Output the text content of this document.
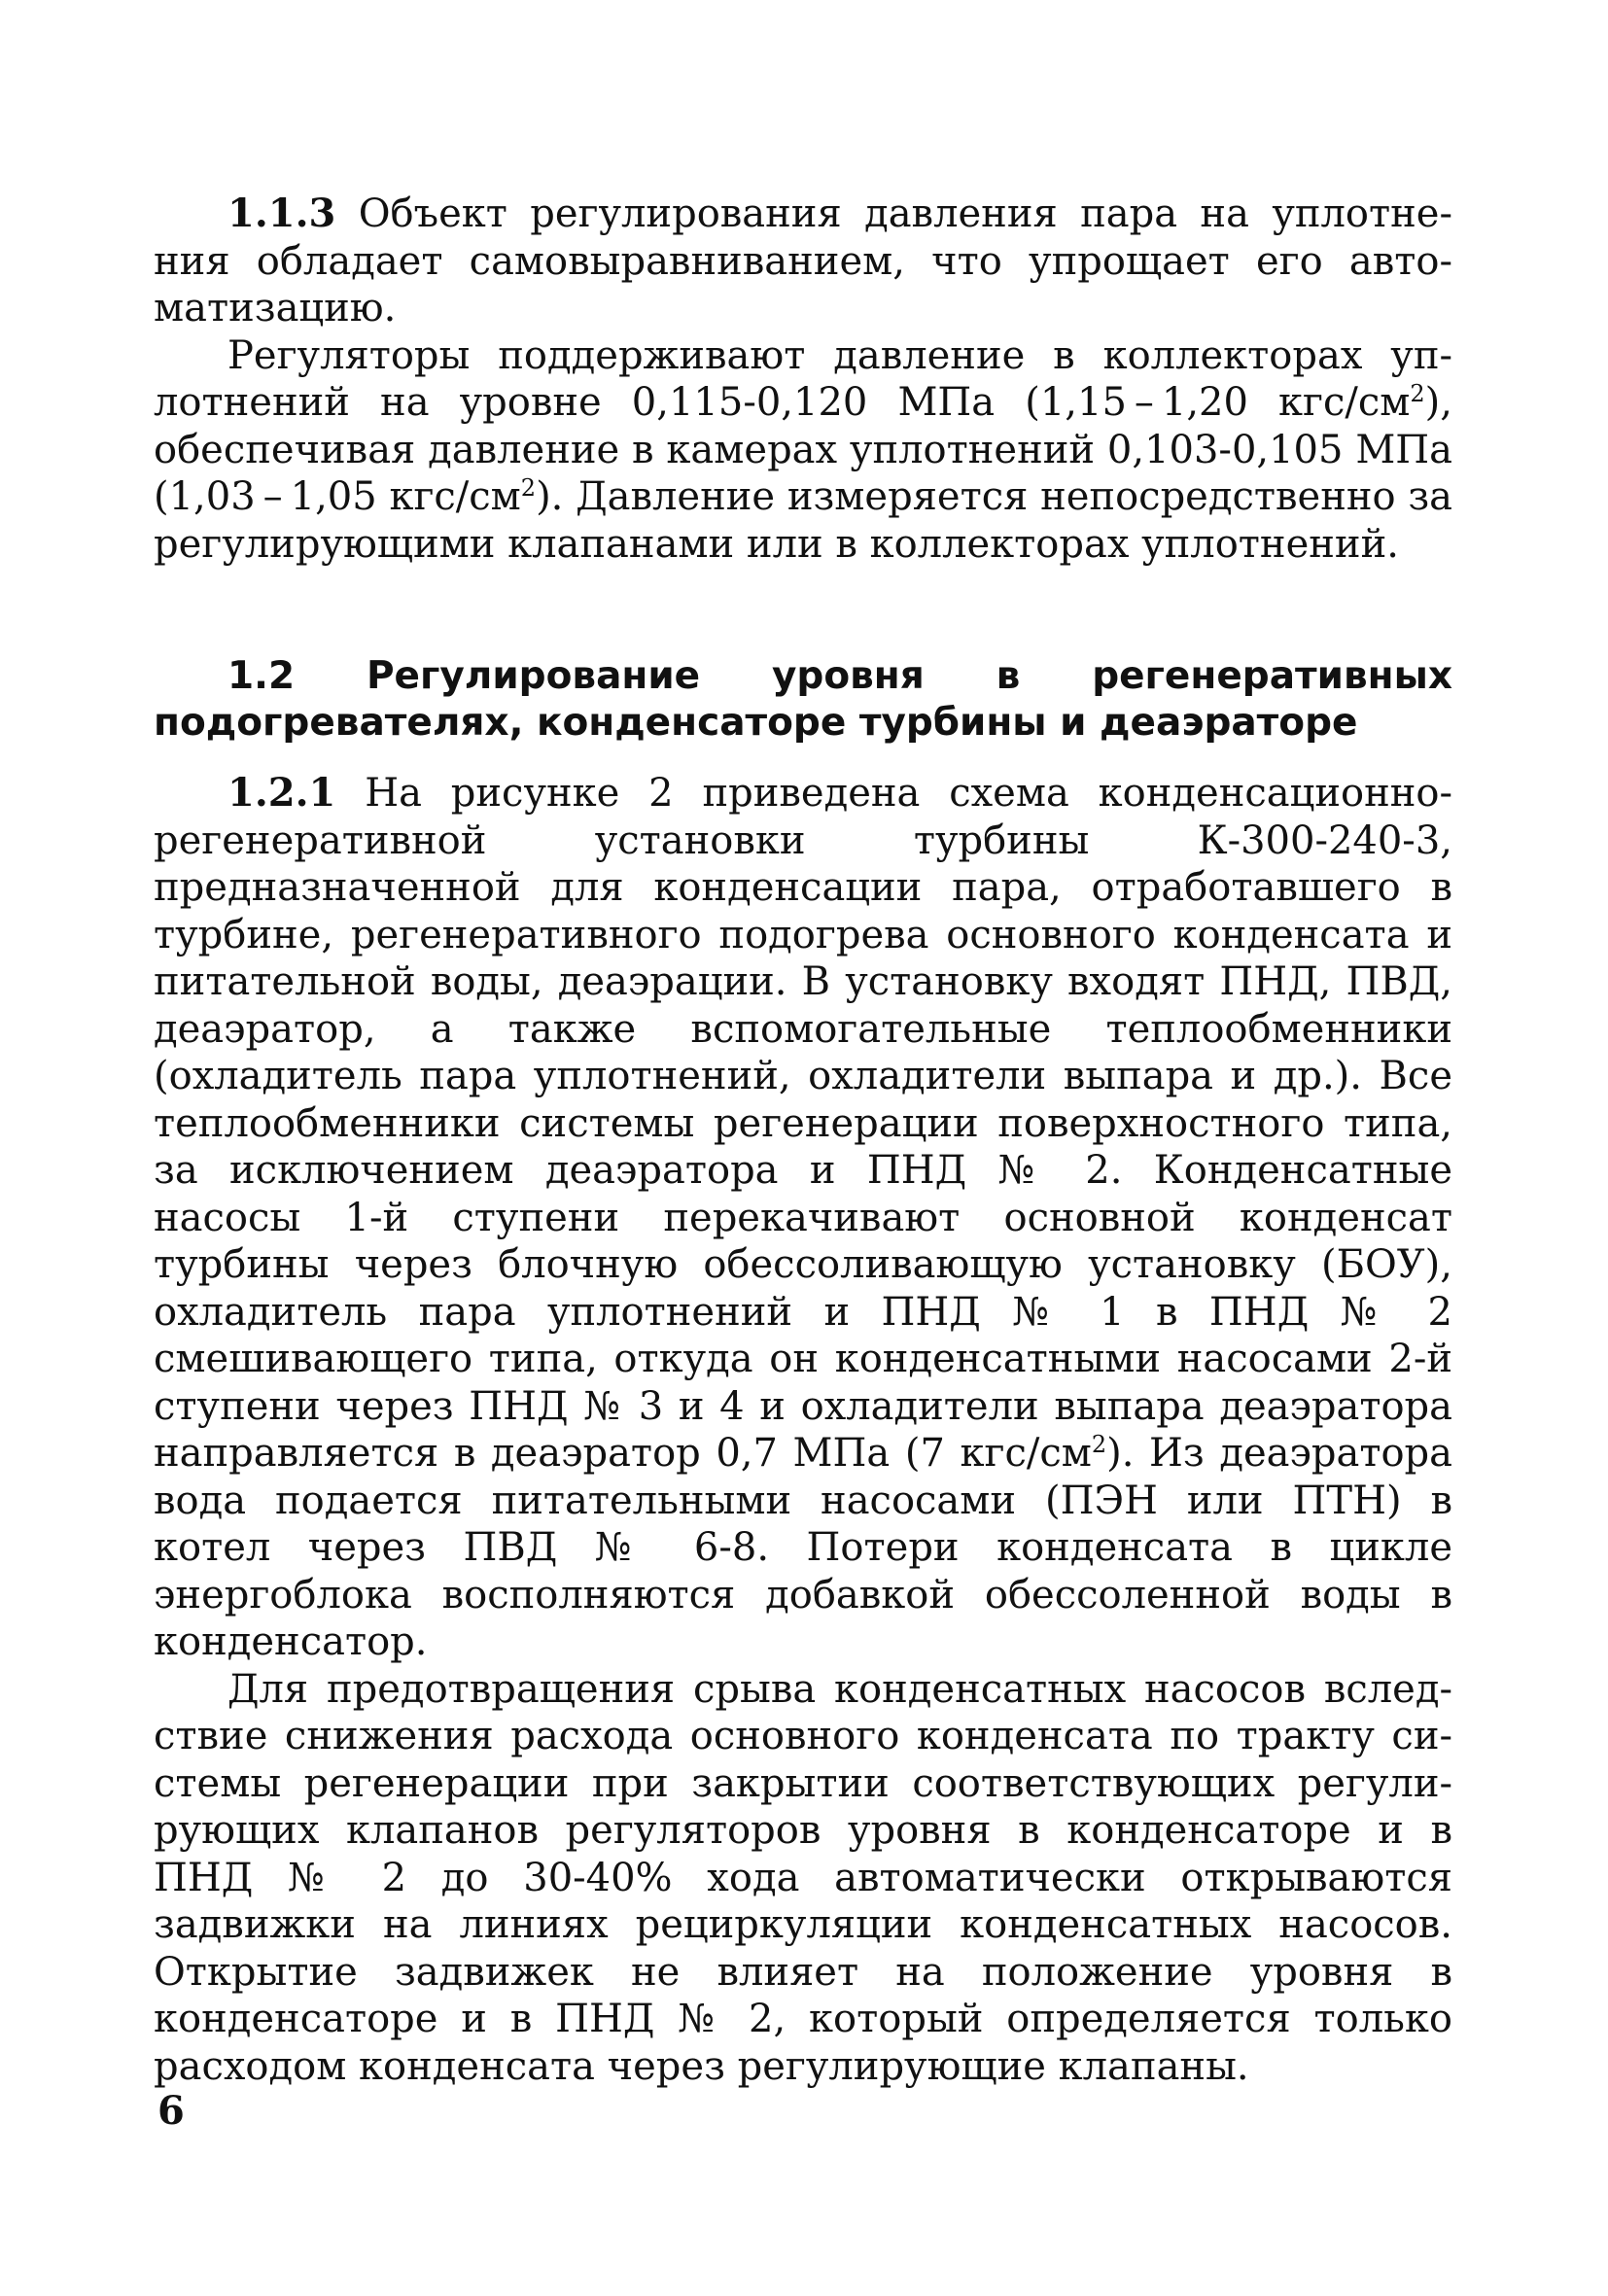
1.1.3 Объект регулирования давления пара на уплотнения обладает самовыравниванием, что упрощает его автоматизацию.

Регуляторы поддерживают давление в коллекторах уплотнений на уровне 0,115-0,120 МПа (1,15 – 1,20 кгс/$см^2$), обеспечивая давление в камерах уплотнений 0,103-0,105 МПа (1,03 – 1,05 кгс/$см^2$). Давление измеряется непосредственно за регулирующими клапанами или в коллекторах уплотнений.

1.2 Регулирование уровня в регенеративных подогревателях, конденсаторе турбины и деаэраторе

1.2.1 На рисунке 2 приведена схема конденсационно-регенеративной установки турбины К-300-240-3, предназначенной для конденсации пара, отработавшего в турбине, регенеративного подогрева основного конденсата и питательной воды, деаэрации. В установку входят ПНД, ПВД, деаэратор, а также вспомогательные теплообменники (охладитель пара уплотнений, охладители выпара и др.). Все теплообменники системы регенерации поверхностного типа, за исключением деаэратора и ПНД № 2. Конденсатные насосы 1-й ступени перекачивают основной конденсат турбины через блочную обессоливающую установку (БОУ), охладитель пара уплотнений и ПНД № 1 в ПНД № 2 смешивающего типа, откуда он конденсатными насосами 2-й ступени через ПНД № 3 и 4 и охладители выпара деаэратора направляется в деаэратор 0,7 МПа (7 кгс/$см^2$). Из деаэратора вода подается питательными насосами (ПЭН или ПТН) в котел через ПВД № 6-8. Потери конденсата в цикле энергоблока восполняются добавкой обессоленной воды в конденсатор.

Для предотвращения срыва конденсатных насосов вследствие снижения расхода основного конденсата по тракту системы регенерации при закрытии соответствующих регулирующих клапанов регуляторов уровня в конденсаторе и в ПНД № 2 до 30-40% хода автоматически открываются задвижки на линиях рециркуляции конденсатных насосов. Открытие задвижек не влияет на положение уровня в конденсаторе и в ПНД № 2, который определяется только расходом конденсата через регулирующие клапаны.

6
